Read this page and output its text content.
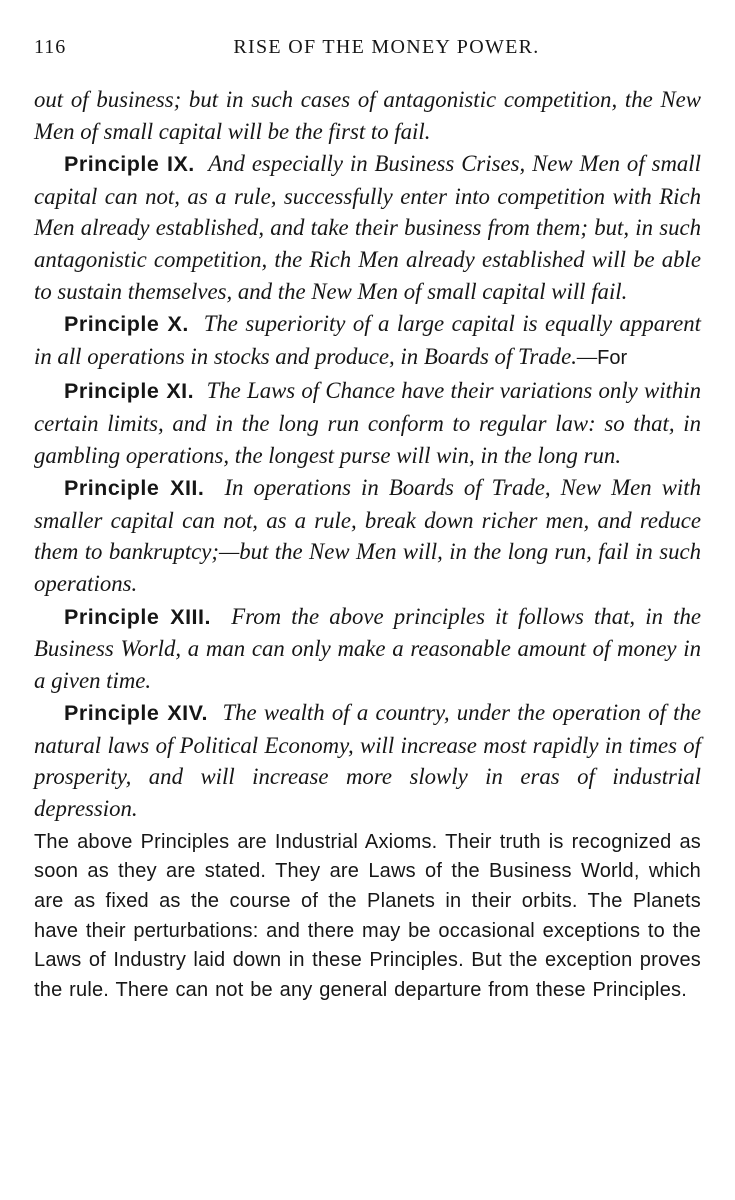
116	RISE OF THE MONEY POWER.

out of business; but in such cases of antagonistic competition, the New Men of small capital will be the first to fail.

Principle IX. And especially in Business Crises, New Men of small capital can not, as a rule, successfully enter into competition with Rich Men already established, and take their business from them; but, in such antagonistic competition, the Rich Men already established will be able to sustain themselves, and the New Men of small capital will fail.

Principle X. The superiority of a large capital is equally apparent in all operations in stocks and produce, in Boards of Trade.—For

Principle XI. The Laws of Chance have their variations only within certain limits, and in the long run conform to regular law: so that, in gambling operations, the longest purse will win, in the long run.

Principle XII. In operations in Boards of Trade, New Men with smaller capital can not, as a rule, break down richer men, and reduce them to bankruptcy;—but the New Men will, in the long run, fail in such operations.

Principle XIII. From the above principles it follows that, in the Business World, a man can only make a reasonable amount of money in a given time.

Principle XIV. The wealth of a country, under the operation of the natural laws of Political Economy, will increase most rapidly in times of prosperity, and will increase more slowly in eras of industrial depression.

The above Principles are Industrial Axioms. Their truth is recognized as soon as they are stated. They are Laws of the Business World, which are as fixed as the course of the Planets in their orbits. The Planets have their perturbations: and there may be occasional exceptions to the Laws of Industry laid down in these Principles. But the exception proves the rule. There can not be any general departure from these Principles.
